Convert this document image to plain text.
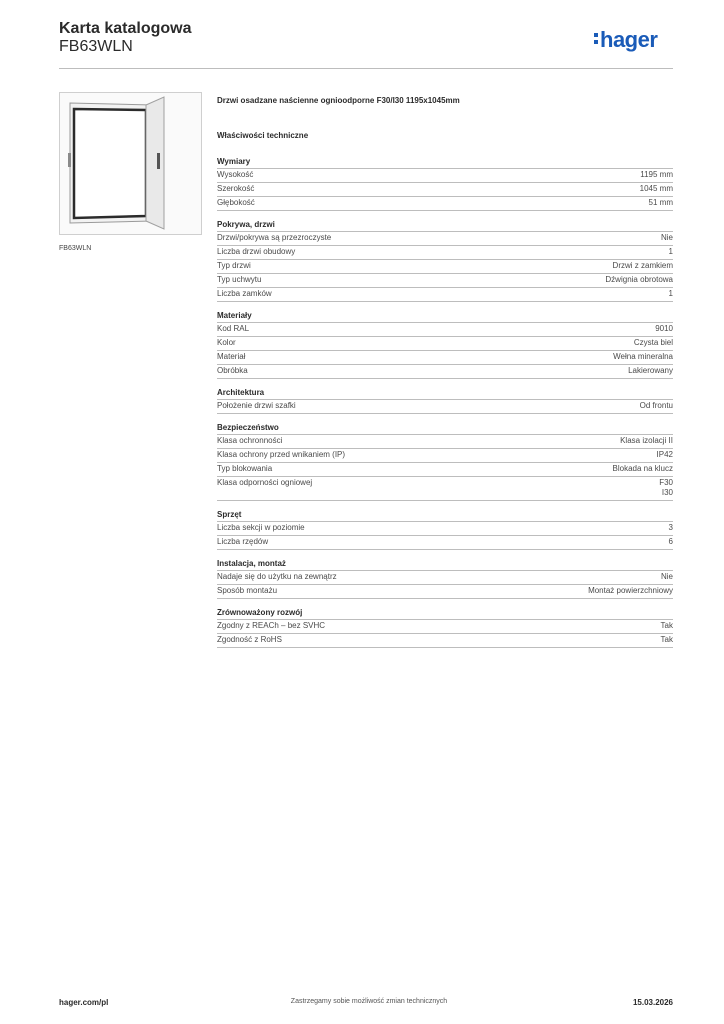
Karta katalogowa
FB63WLN	hager
FB63WLN
Drzwi osadzane naścienne ognioodporne F30/I30 1195x1045mm
Właściwości techniczne
Wymiary
Wysokość	1195 mm
Szerokość	1045 mm
Głębokość	51 mm
Pokrywa, drzwi
Drzwi/pokrywa są przezroczyste	Nie
Liczba drzwi obudowy	1
Typ drzwi	Drzwi z zamkiem
Typ uchwytu	Dźwignia obrotowa
Liczba zamków	1
Materiały
Kod RAL	9010
Kolor	Czysta biel
Materiał	Wełna mineralna
Obróbka	Lakierowany
Architektura
Położenie drzwi szafki	Od frontu
Bezpieczeństwo
Klasa ochronności	Klasa izolacji II
Klasa ochrony przed wnikaniem (IP)	IP42
Typ blokowania	Blokada na klucz
Klasa odporności ogniowej	F30
I30
Sprzęt
Liczba sekcji w poziomie	3
Liczba rzędów	6
Instalacja, montaż
Nadaje się do użytku na zewnątrz	Nie
Sposób montażu	Montaż powierzchniowy
Zrównoważony rozwój
Zgodny z REACh – bez SVHC	Tak
Zgodność z RoHS	Tak
hager.com/pl	Zastrzegamy sobie możliwość zmian technicznych	15.03.2026
